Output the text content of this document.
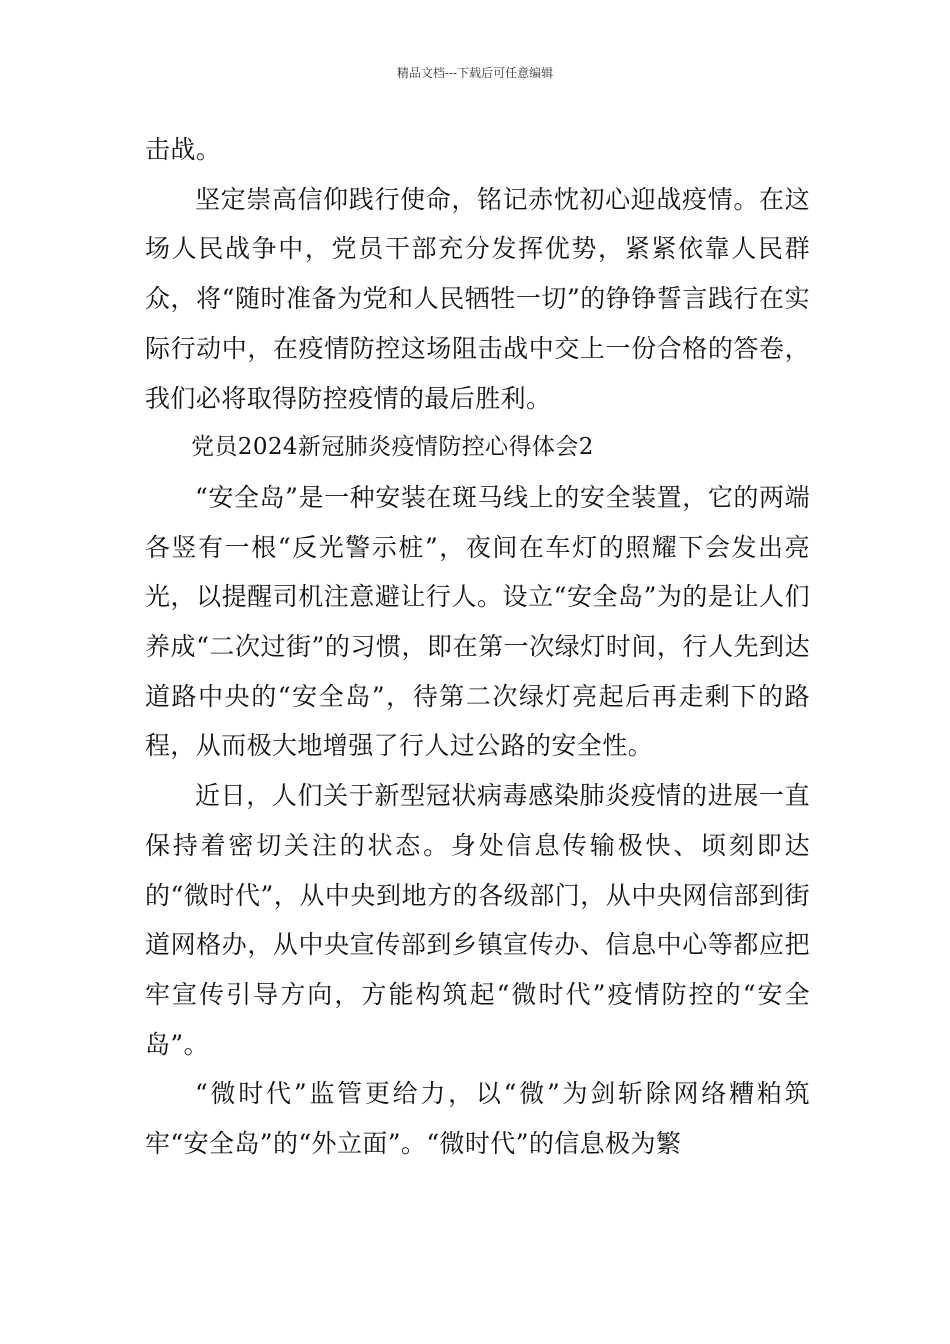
精品文档---下载后可任意编辑

击战。

坚定崇高信仰践行使命，铭记赤忱初心迎战疫情。在这场人民战争中，党员干部充分发挥优势，紧紧依靠人民群众，将“随时准备为党和人民牺牲一切”的铮铮誓言践行在实际行动中，在疫情防控这场阻击战中交上一份合格的答卷，我们必将取得防控疫情的最后胜利。

党员2024新冠肺炎疫情防控心得体会2

“安全岛”是一种安装在斑马线上的安全装置，它的两端各竖有一根“反光警示桩”，夜间在车灯的照耀下会发出亮光，以提醒司机注意避让行人。设立“安全岛”为的是让人们养成“二次过街”的习惯，即在第一次绿灯时间，行人先到达道路中央的“安全岛”，待第二次绿灯亮起后再走剩下的路程，从而极大地增强了行人过公路的安全性。

近日，人们关于新型冠状病毒感染肺炎疫情的进展一直保持着密切关注的状态。身处信息传输极快、顷刻即达的“微时代”，从中央到地方的各级部门，从中央网信部到街道网格办，从中央宣传部到乡镇宣传办、信息中心等都应把牢宣传引导方向，方能构筑起“微时代”疫情防控的“安全岛”。

“微时代”监管更给力，以“微”为剑斩除网络糟粕筑牢“安全岛”的“外立面”。“微时代”的信息极为繁
